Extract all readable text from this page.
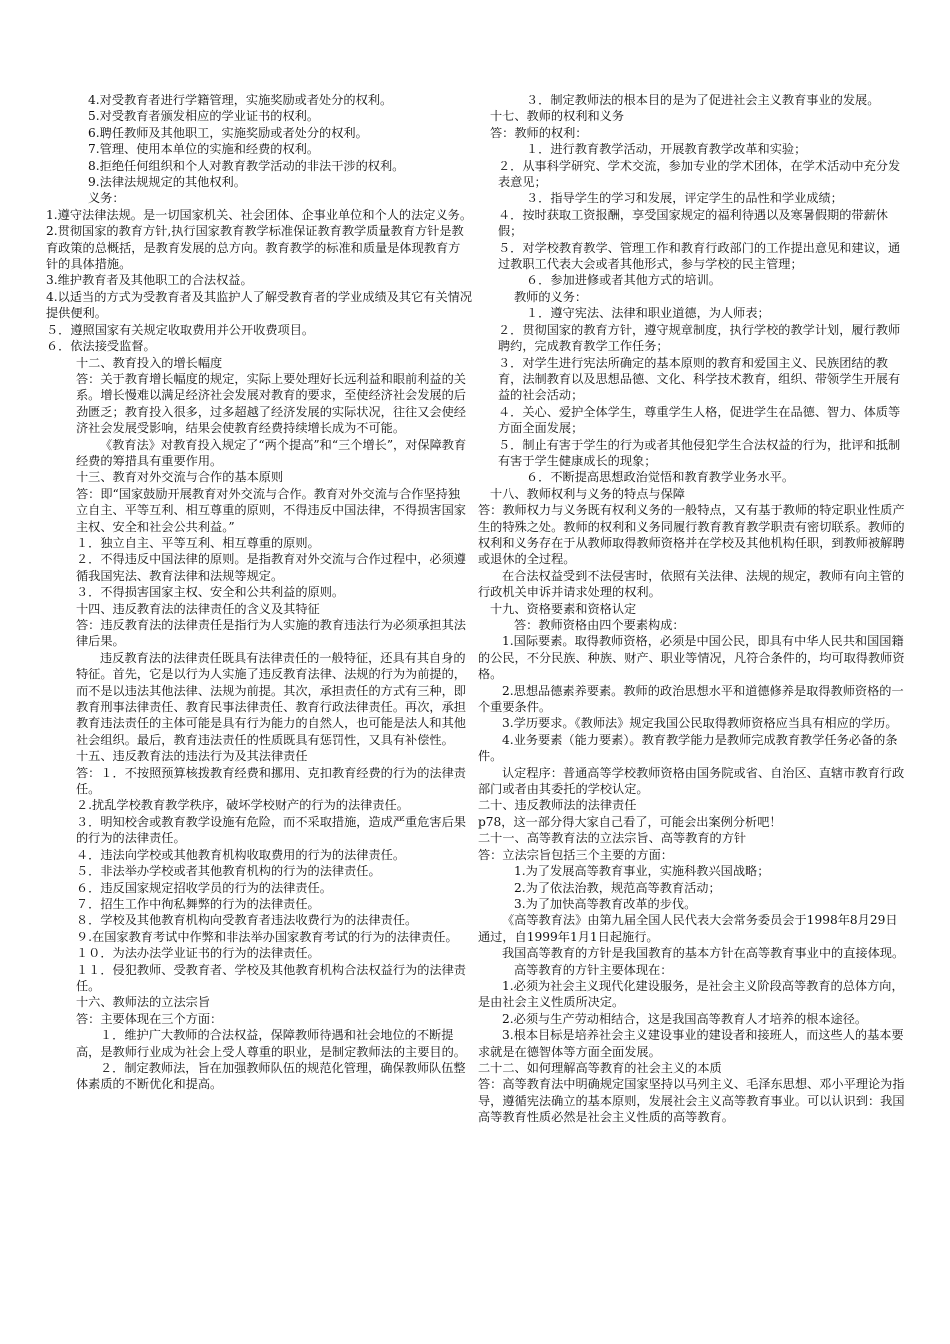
4.对受教育者进行学籍管理，实施奖励或者处分的权利。

5.对受教育者颁发相应的学业证书的权利。

6.聘任教师及其他职工，实施奖励或者处分的权利。

7.管理、使用本单位的实施和经费的权利。

8.拒绝任何组织和个人对教育教学活动的非法干涉的权利。

9.法律法规规定的其他权利。

义务：

1.遵守法律法规。是一切国家机关、社会团体、企事业单位和个人的法定义务。

2.贯彻国家的教育方针,执行国家教育教学标准保证教育教学质量教育方针是教育政策的总概括，是教育发展的总方向。教育教学的标准和质量是体现教育方针的具体措施。

3.维护教育者及其他职工的合法权益。

4.以适当的方式为受教育者及其监护人了解受教育者的学业成绩及其它有关情况提供便利。

５．遵照国家有关规定收取费用并公开收费项目。

６．依法接受监督。

十二、教育投入的增长幅度

答：关于教育增长幅度的规定，实际上要处理好长远利益和眼前利益的关系。增长慢难以满足经济社会发展对教育的要求，至使经济社会发展的后劲匮乏；教育投入很多，过多超越了经济发展的实际状况，往往又会使经济社会发展受影响，结果会使教育经费持续增长成为不可能。

《教育法》对教育投入规定了“两个提高”和“三个增长”，对保障教育经费的筹措具有重要作用。

十三、教育对外交流与合作的基本原则

答：即“国家鼓励开展教育对外交流与合作。教育对外交流与合作坚持独立自主、平等互利、相互尊重的原则，不得违反中国法律，不得损害国家主权、安全和社会公共利益。”

１．独立自主、平等互利、相互尊重的原则。

２．不得违反中国法律的原则。是指教育对外交流与合作过程中，必须遵循我国宪法、教育法律和法规等规定。

３．不得损害国家主权、安全和公共利益的原则。

十四、违反教育法的法律责任的含义及其特征

答：违反教育法的法律责任是指行为人实施的教育违法行为必须承担其法律后果。

违反教育法的法律责任既具有法律责任的一般特征，还具有其自身的特征。首先，它是以行为人实施了违反教育法律、法规的行为为前提的，而不是以违法其他法律、法规为前提。其次，承担责任的方式有三种，即教育刑事法律责任、教育民事法律责任、教育行政法律责任。再次，承担教育违法责任的主体可能是具有行为能力的自然人，也可能是法人和其他社会组织。最后，教育违法责任的性质既具有惩罚性，又具有补偿性。

十五、违反教育法的违法行为及其法律责任

答：１．不按照预算核拨教育经费和挪用、克扣教育经费的行为的法律责任。

２.扰乱学校教育教学秩序，破坏学校财产的行为的法律责任。

３．明知校舍或教育教学设施有危险，而不采取措施，造成严重危害后果的行为的法律责任。

４．违法向学校或其他教育机构收取费用的行为的法律责任。

５．非法举办学校或者其他教育机构的行为的法律责任。

６．违反国家规定招收学员的行为的法律责任。

７．招生工作中徇私舞弊的行为的法律责任。

８．学校及其他教育机构向受教育者违法收费行为的法律责任。

９.在国家教育考试中作弊和非法举办国家教育考试的行为的法律责任。

１０．为法办法学业证书的行为的法律责任。

１１．侵犯教师、受教育者、学校及其他教育机构合法权益行为的法律责任。

十六、教师法的立法宗旨

答：主要体现在三个方面：

１．维护广大教师的合法权益，保障教师待遇和社会地位的不断提高，是教师行业成为社会上受人尊重的职业，是制定教师法的主要目的。

２．制定教师法，旨在加强教师队伍的规范化管理，确保教师队伍整体素质的不断优化和提高。

３．制定教师法的根本目的是为了促进社会主义教育事业的发展。

十七、教师的权利和义务

答：教师的权利：

１．进行教育教学活动，开展教育教学改革和实验；

２．从事科学研究、学术交流，参加专业的学术团体，在学术活动中充分发表意见；

３．指导学生的学习和发展，评定学生的品性和学业成绩；

４．按时获取工资报酬，享受国家规定的福利待遇以及寒暑假期的带薪休假；

５．对学校教育教学、管理工作和教育行政部门的工作提出意见和建议，通过教职工代表大会或者其他形式，参与学校的民主管理；

６．参加进修或者其他方式的培训。

教师的义务：

１．遵守宪法、法律和职业道德，为人师表；

２．贯彻国家的教育方针，遵守规章制度，执行学校的教学计划，履行教师聘约，完成教育教学工作任务；

３．对学生进行宪法所确定的基本原则的教育和爱国主义、民族团结的教育，法制教育以及思想品德、文化、科学技术教育，组织、带领学生开展有益的社会活动；

４．关心、爱护全体学生，尊重学生人格，促进学生在品德、智力、体质等方面全面发展；

５．制止有害于学生的行为或者其他侵犯学生合法权益的行为，批评和抵制有害于学生健康成长的现象；

６．不断提高思想政治觉悟和教育教学业务水平。

十八、教师权利与义务的特点与保障

答：教师权力与义务既有权利义务的一般特点，又有基于教师的特定职业性质产生的特殊之处。教师的权利和义务同履行教育教育教学职责有密切联系。教师的权利和义务存在于从教师取得教师资格并在学校及其他机构任职，到教师被解聘或退休的全过程。

在合法权益受到不法侵害时，依照有关法律、法规的规定，教师有向主管的行政机关申诉并请求处理的权利。

十九、资格要素和资格认定

答：教师资格由四个要素构成：

1.国际要素。取得教师资格，必须是中国公民，即具有中华人民共和国国籍的公民，不分民族、种族、财产、职业等情况，凡符合条件的，均可取得教师资格。

2.思想品德素养要素。教师的政治思想水平和道德修养是取得教师资格的一个重要条件。

3.学历要求。《教师法》规定我国公民取得教师资格应当具有相应的学历。

4.业务要素（能力要素）。教育教学能力是教师完成教育教学任务必备的条件。

认定程序：普通高等学校教师资格由国务院或省、自治区、直辖市教育行政部门或者由其委托的学校认定。

二十、违反教师法的法律责任

p78，这一部分得大家自己看了，可能会出案例分析吧！

二十一、高等教育法的立法宗旨、高等教育的方针

答：立法宗旨包括三个主要的方面：

1.为了发展高等教育事业，实施科教兴国战略；

2.为了依法治教，规范高等教育活动；

3.为了加快高等教育改革的步伐。

《高等教育法》由第九届全国人民代表大会常务委员会于1998年8月29日通过，自1999年1月1日起施行。

我国高等教育的方针是我国教育的基本方针在高等教育事业中的直接体现。

高等教育的方针主要体现在：

1.必须为社会主义现代化建设服务，是社会主义阶段高等教育的总体方向，是由社会主义性质所决定。

2.必须与生产劳动相结合，这是我国高等教育人才培养的根本途径。

3.根本目标是培养社会主义建设事业的建设者和接班人，而这些人的基本要求就是在德智体等方面全面发展。

二十二、如何理解高等教育的社会主义的本质

答：高等教育法中明确规定国家坚持以马列主义、毛泽东思想、邓小平理论为指导，遵循宪法确立的基本原则，发展社会主义高等教育事业。可以认识到：我国高等教育性质必然是社会主义性质的高等教育。
